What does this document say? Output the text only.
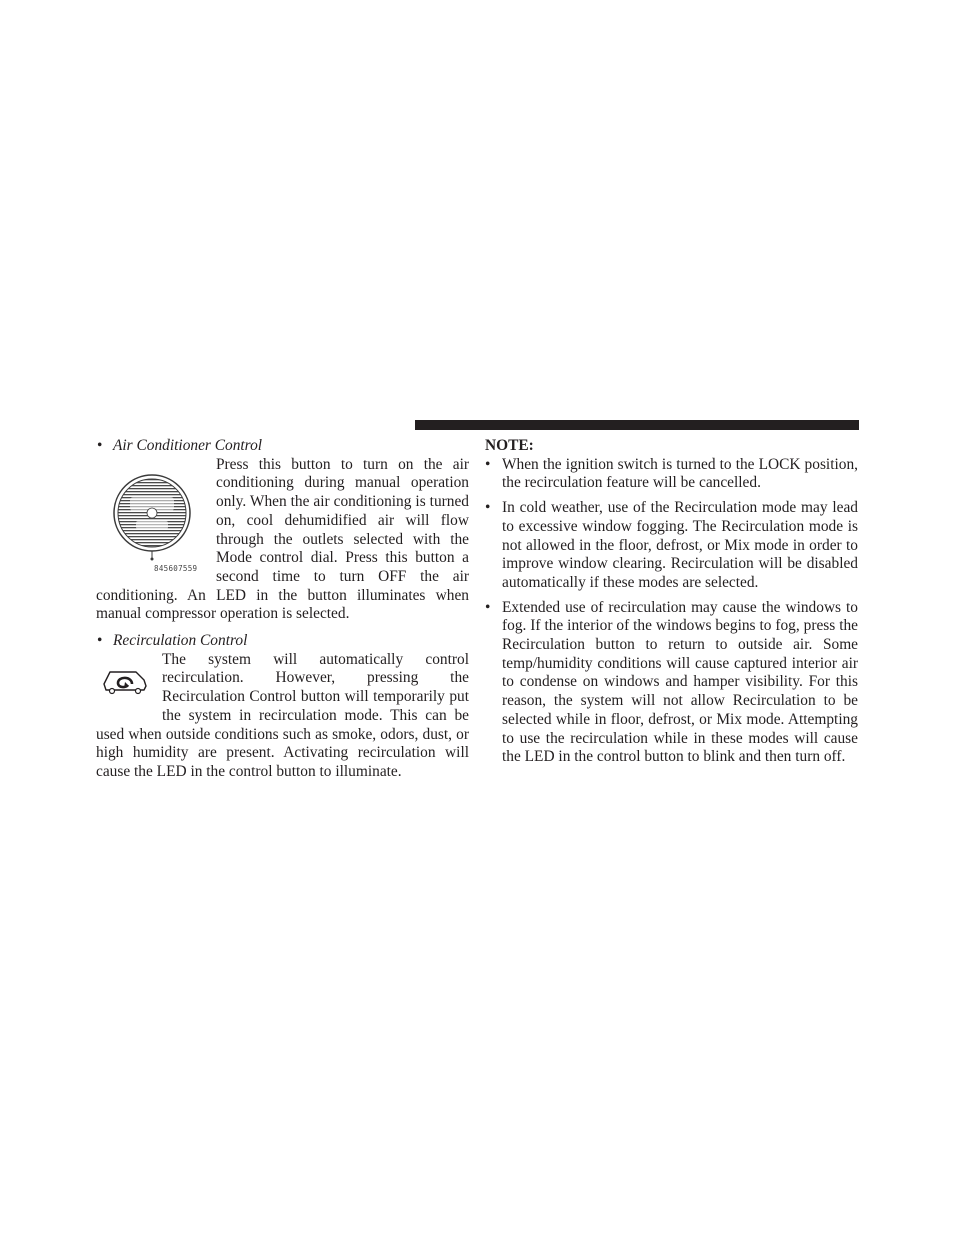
• Air Conditioner Control

845607559

Press this button to turn on the air conditioning during manual operation only. When the air conditioning is turned on, cool dehumidified air will flow through the outlets selected with the Mode control dial. Press this button a second time to turn OFF the air conditioning. An LED in the button illuminates when manual compressor operation is selected.

• Recirculation Control

The system will automatically control recirculation. However, pressing the Recirculation Control button will temporarily put the system in recirculation mode. This can be used when outside conditions such as smoke, odors, dust, or high humidity are present. Activating recirculation will cause the LED in the control button to illuminate.

NOTE:

• When the ignition switch is turned to the LOCK position, the recirculation feature will be cancelled.
• In cold weather, use of the Recirculation mode may lead to excessive window fogging. The Recirculation mode is not allowed in the floor, defrost, or Mix mode in order to improve window clearing. Recirculation will be disabled automatically if these modes are selected.
• Extended use of recirculation may cause the windows to fog. If the interior of the windows begins to fog, press the Recirculation button to return to outside air. Some temp/humidity conditions will cause captured interior air to condense on windows and hamper visibility. For this reason, the system will not allow Recirculation to be selected while in floor, defrost, or Mix mode. Attempting to use the recirculation while in these modes will cause the LED in the control button to blink and then turn off.
